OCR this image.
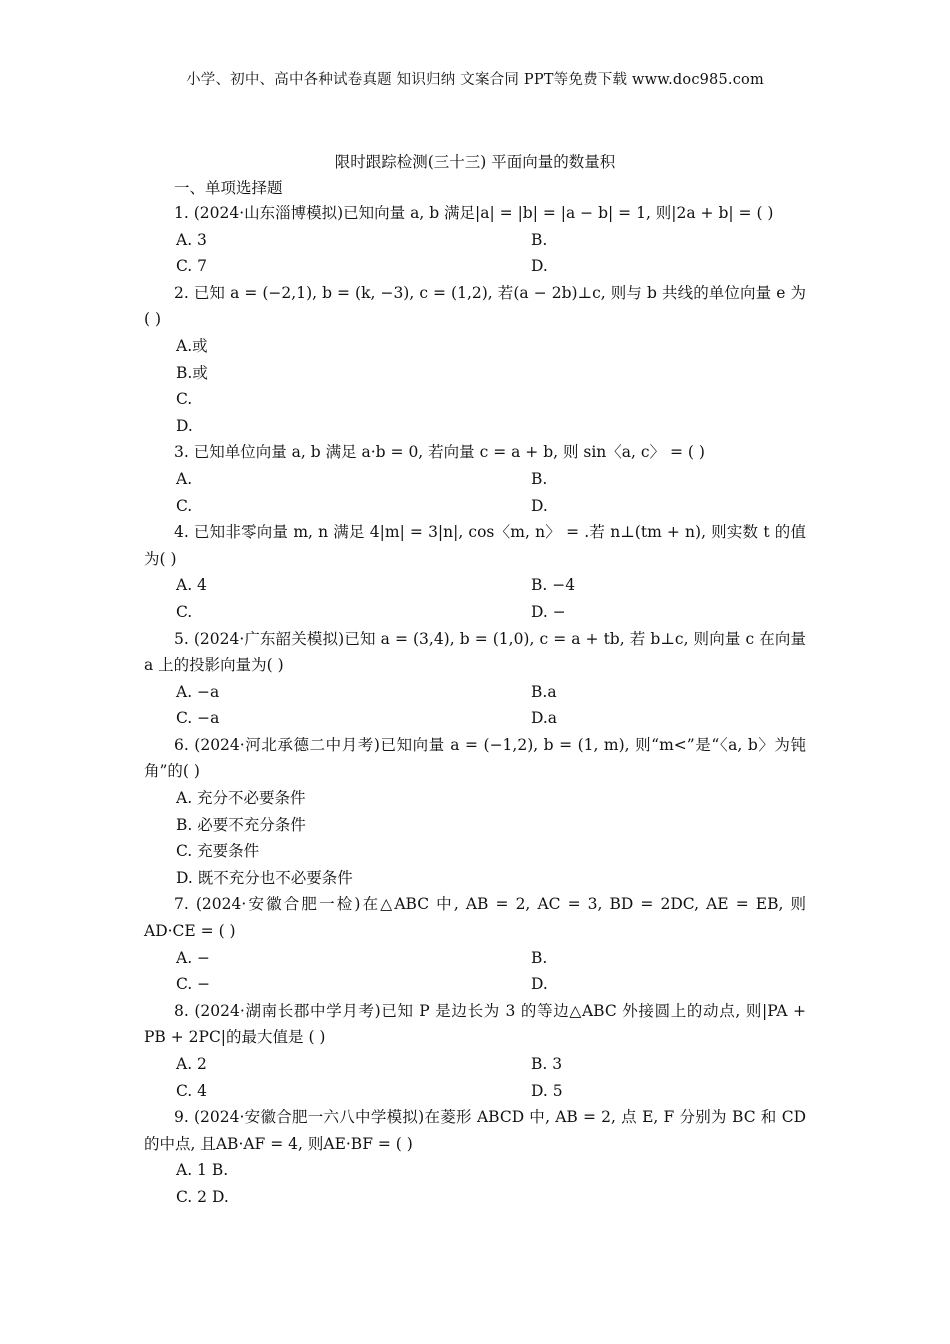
小学、初中、高中各种试卷真题 知识归纳 文案合同 PPT等免费下载 www.doc985.com
限时跟踪检测(三十三) 平面向量的数量积
一、单项选择题

1. (2024·山东淄博模拟)已知向量 a, b 满足|a| = |b| = |a − b| = 1, 则|2a + b| = ( )

A. 3	B.
C. 7	D.

2. 已知 a = (−2,1), b = (k, −3), c = (1,2), 若(a − 2b)⊥c, 则与 b 共线的单位向量 e 为( )

A.或
B.或
C.
D.

3. 已知单位向量 a, b 满足 a·b = 0, 若向量 c = a + b, 则 sin〈a, c〉 = ( )

A.	B.
C.	D.

4. 已知非零向量 m, n 满足 4|m| = 3|n|, cos〈m, n〉 = .若 n⊥(tm + n), 则实数 t 的值为( )

A. 4	B. −4
C.	D. −

5. (2024·广东韶关模拟)已知 a = (3,4), b = (1,0), c = a + tb, 若 b⊥c, 则向量 c 在向量 a 上的投影向量为( )

A. −a	B.a
C. −a	D.a

6. (2024·河北承德二中月考)已知向量 a = (−1,2), b = (1, m), 则“m<”是“〈a, b〉为钝角”的( )

A. 充分不必要条件
B. 必要不充分条件
C. 充要条件
D. 既不充分也不必要条件

7. (2024·安徽合肥一检)在△ABC 中, AB = 2, AC = 3, BD = 2DC, AE = EB, 则 AD·CE = ( )

A. −	B.
C. −	D.

8. (2024·湖南长郡中学月考)已知 P 是边长为 3 的等边△ABC 外接圆上的动点, 则|PA + PB + 2PC|的最大值是 ( )

A. 2	B. 3
C. 4	D. 5

9. (2024·安徽合肥一六八中学模拟)在菱形 ABCD 中, AB = 2, 点 E, F 分别为 BC 和 CD 的中点, 且AB·AF = 4, 则AE·BF = ( )

A. 1 B.
C. 2 D.
